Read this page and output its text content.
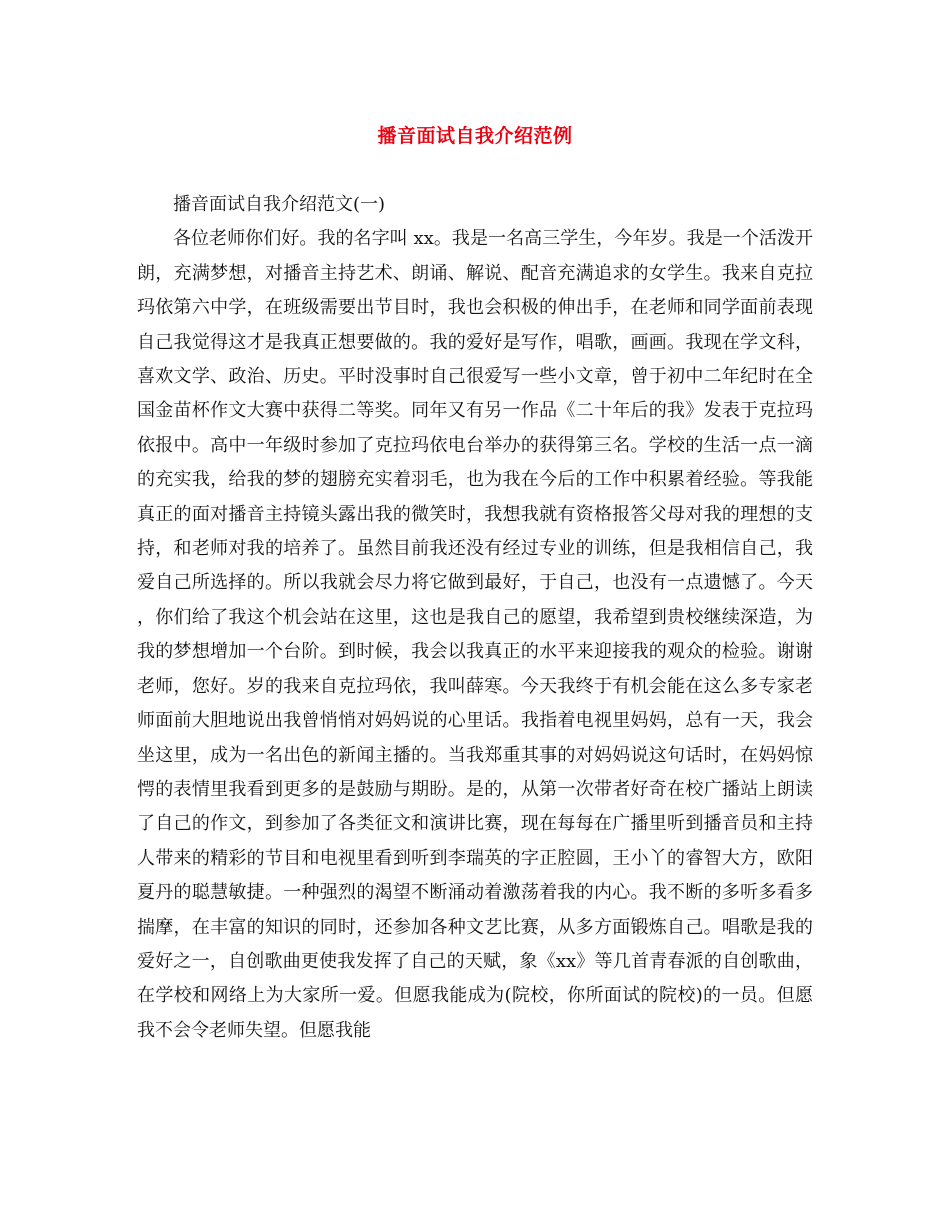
播音面试自我介绍范例

播音面试自我介绍范文(一)

各位老师你们好。我的名字叫 xx。我是一名高三学生，今年岁。我是一个活泼开朗，充满梦想，对播音主持艺术、朗诵、解说、配音充满追求的女学生。我来自克拉玛依第六中学，在班级需要出节目时，我也会积极的伸出手，在老师和同学面前表现自己我觉得这才是我真正想要做的。我的爱好是写作，唱歌，画画。我现在学文科，喜欢文学、政治、历史。平时没事时自己很爱写一些小文章，曾于初中二年纪时在全国金苗杯作文大赛中获得二等奖。同年又有另一作品《二十年后的我》发表于克拉玛依报中。高中一年级时参加了克拉玛依电台举办的获得第三名。学校的生活一点一滴的充实我，给我的梦的翅膀充实着羽毛，也为我在今后的工作中积累着经验。等我能真正的面对播音主持镜头露出我的微笑时，我想我就有资格报答父母对我的理想的支持，和老师对我的培养了。虽然目前我还没有经过专业的训练，但是我相信自己，我爱自己所选择的。所以我就会尽力将它做到最好，于自己，也没有一点遗憾了。今天，你们给了我这个机会站在这里，这也是我自己的愿望，我希望到贵校继续深造，为我的梦想增加一个台阶。到时候，我会以我真正的水平来迎接我的观众的检验。谢谢老师，您好。岁的我来自克拉玛依，我叫薛寒。今天我终于有机会能在这么多专家老师面前大胆地说出我曾悄悄对妈妈说的心里话。我指着电视里妈妈，总有一天，我会坐这里，成为一名出色的新闻主播的。当我郑重其事的对妈妈说这句话时，在妈妈惊愕的表情里我看到更多的是鼓励与期盼。是的，从第一次带者好奇在校广播站上朗读了自己的作文，到参加了各类征文和演讲比赛，现在每每在广播里听到播音员和主持人带来的精彩的节目和电视里看到听到李瑞英的字正腔圆，王小丫的睿智大方，欧阳夏丹的聪慧敏捷。一种强烈的渴望不断涌动着激荡着我的内心。我不断的多听多看多揣摩，在丰富的知识的同时，还参加各种文艺比赛，从多方面锻炼自己。唱歌是我的爱好之一，自创歌曲更使我发挥了自己的天赋，象《xx》等几首青春派的自创歌曲，在学校和网络上为大家所一爱。但愿我能成为(院校，你所面试的院校)的一员。但愿我不会令老师失望。但愿我能
